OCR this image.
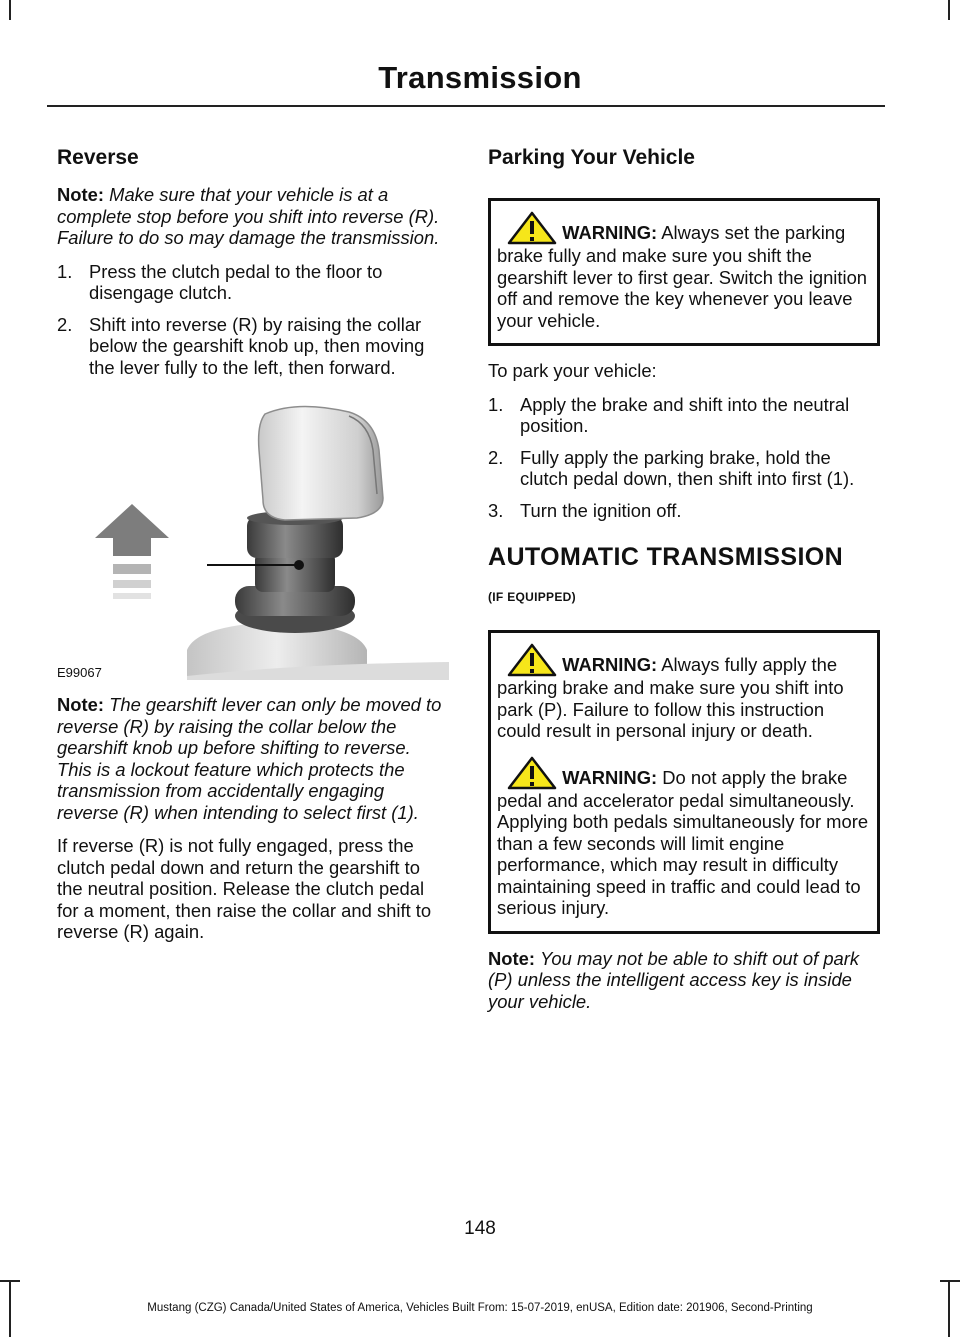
Transmission
Reverse

Note: Make sure that your vehicle is at a complete stop before you shift into reverse (R). Failure to do so may damage the transmission.

1. Press the clutch pedal to the floor to disengage clutch.
2. Shift into reverse (R) by raising the collar below the gearshift knob up, then moving the lever fully to the left, then forward.
E99067

Note: The gearshift lever can only be moved to reverse (R) by raising the collar below the gearshift knob up before shifting to reverse. This is a lockout feature which protects the transmission from accidentally engaging reverse (R) when intending to select first (1).

If reverse (R) is not fully engaged, press the clutch pedal down and return the gearshift to the neutral position. Release the clutch pedal for a moment, then raise the collar and shift to reverse (R) again.

Parking Your Vehicle
WARNING: Always set the parking brake fully and make sure you shift the gearshift lever to first gear. Switch the ignition off and remove the key whenever you leave your vehicle.

To park your vehicle:

1. Apply the brake and shift into the neutral position.
2. Fully apply the parking brake, hold the clutch pedal down, then shift into first (1).
3. Turn the ignition off.
AUTOMATIC TRANSMISSION
(IF EQUIPPED)
WARNING: Always fully apply the parking brake and make sure you shift into park (P). Failure to follow this instruction could result in personal injury or death.
WARNING: Do not apply the brake pedal and accelerator pedal simultaneously. Applying both pedals simultaneously for more than a few seconds will limit engine performance, which may result in difficulty maintaining speed in traffic and could lead to serious injury.

Note: You may not be able to shift out of park (P) unless the intelligent access key is inside your vehicle.

148
Mustang (CZG) Canada/United States of America, Vehicles Built From: 15-07-2019, enUSA, Edition date: 201906, Second-Printing
